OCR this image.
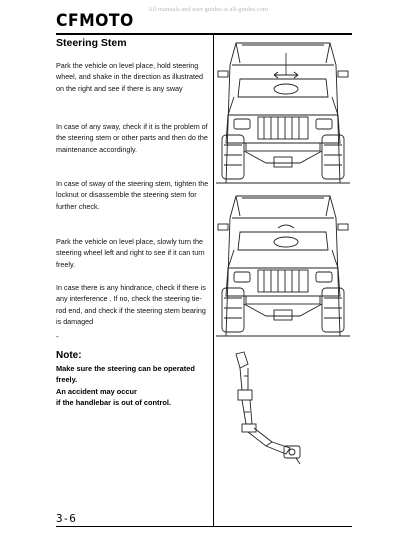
All manuals and user guides at all-guides.com
CFMOTO
Steering Stem

Park the vehicle on level place, hold steering wheel, and shake in the direction as illustrated on the right and see if there is any sway

In case of any sway, check if it is the problem of the steering stem or other parts and then do the maintenance accordingly.

In case of sway of the steering stem, tighten the locknut or disassemble the steering stem for further check.

Park the vehicle on level place, slowly turn the steering wheel left and right to see if it can turn freely.

In case there is any hindrance, check if there is any interference . If no, check the steering tie-rod end, and check if the steering stem bearing is damaged

-
Note:

Make sure the steering can be operated freely.
An accident may occur
if the handlebar is out of control.

3-6
